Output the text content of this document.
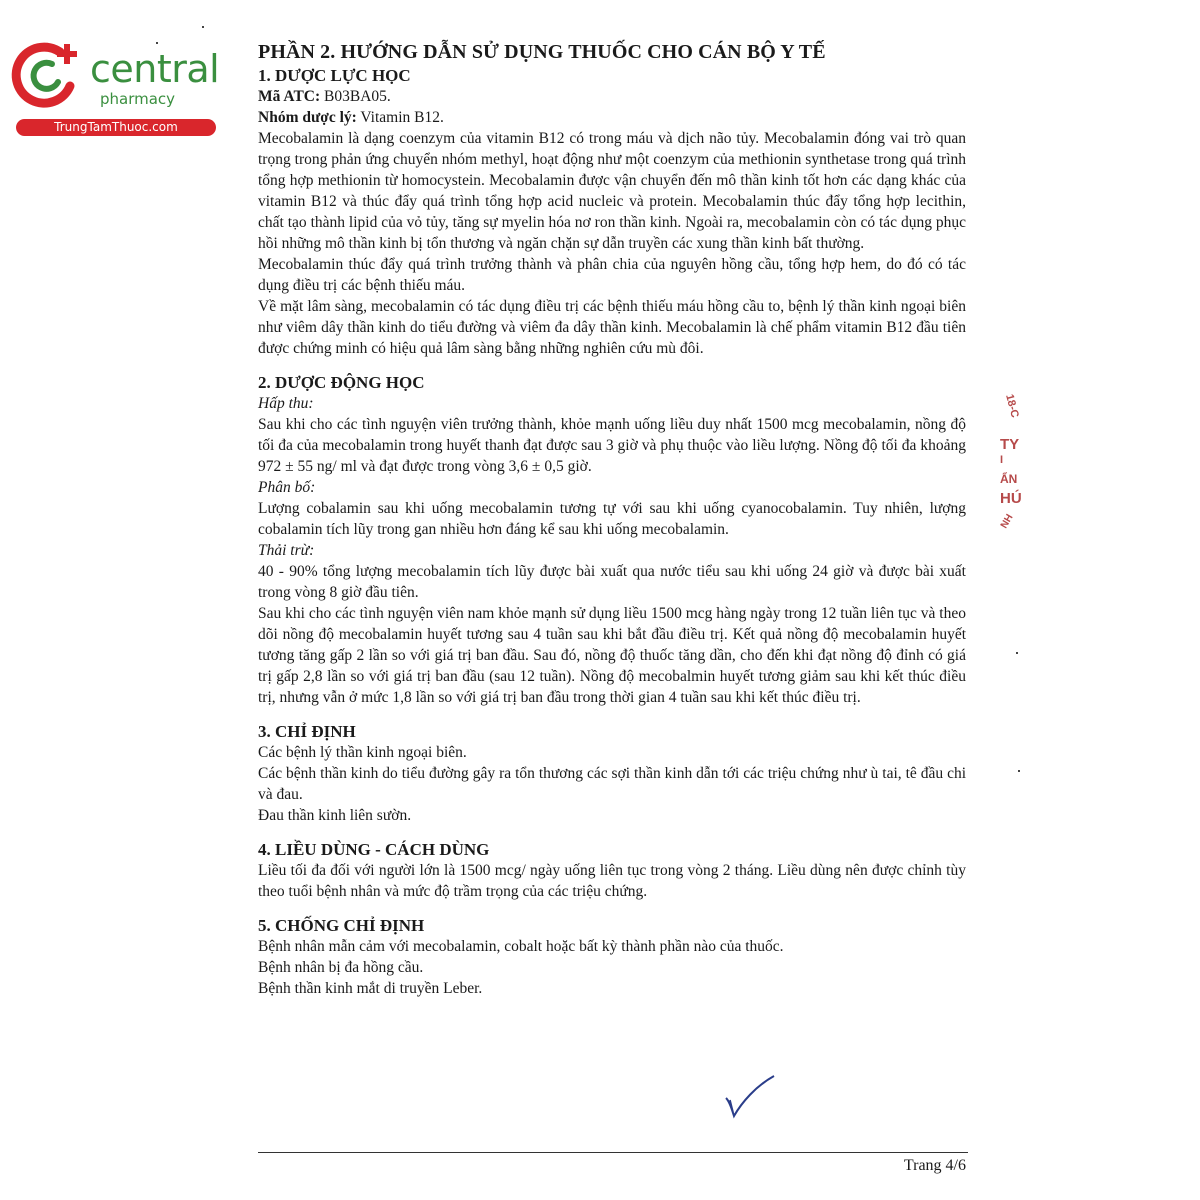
central
pharmacy
TrungTamThuoc.com
PHẦN 2. HƯỚNG DẪN SỬ DỤNG THUỐC CHO CÁN BỘ Y TẾ
1. DƯỢC LỰC HỌC

Mã ATC: B03BA05.

Nhóm dược lý: Vitamin B12.

Mecobalamin là dạng coenzym của vitamin B12 có trong máu và dịch não tủy. Mecobalamin đóng vai trò quan trọng trong phản ứng chuyển nhóm methyl, hoạt động như một coenzym của methionin synthetase trong quá trình tổng hợp methionin từ homocystein. Mecobalamin được vận chuyển đến mô thần kinh tốt hơn các dạng khác của vitamin B12 và thúc đẩy quá trình tổng hợp acid nucleic và protein. Mecobalamin thúc đẩy tổng hợp lecithin, chất tạo thành lipid của vỏ tủy, tăng sự myelin hóa nơ ron thần kinh. Ngoài ra, mecobalamin còn có tác dụng phục hồi những mô thần kinh bị tổn thương và ngăn chặn sự dẫn truyền các xung thần kinh bất thường.

Mecobalamin thúc đẩy quá trình trưởng thành và phân chia của nguyên hồng cầu, tổng hợp hem, do đó có tác dụng điều trị các bệnh thiếu máu.

Về mặt lâm sàng, mecobalamin có tác dụng điều trị các bệnh thiếu máu hồng cầu to, bệnh lý thần kinh ngoại biên như viêm dây thần kinh do tiểu đường và viêm đa dây thần kinh. Mecobalamin là chế phẩm vitamin B12 đầu tiên được chứng minh có hiệu quả lâm sàng bằng những nghiên cứu mù đôi.

2. DƯỢC ĐỘNG HỌC

Hấp thu:

Sau khi cho các tình nguyện viên trưởng thành, khỏe mạnh uống liều duy nhất 1500 mcg mecobalamin, nồng độ tối đa của mecobalamin trong huyết thanh đạt được sau 3 giờ và phụ thuộc vào liều lượng. Nồng độ tối đa khoảng 972 ± 55 ng/ ml và đạt được trong vòng 3,6 ± 0,5 giờ.

Phân bố:

Lượng cobalamin sau khi uống mecobalamin tương tự với sau khi uống cyanocobalamin. Tuy nhiên, lượng cobalamin tích lũy trong gan nhiều hơn đáng kể sau khi uống mecobalamin.

Thải trừ:

40 - 90% tổng lượng mecobalamin tích lũy được bài xuất qua nước tiểu sau khi uống 24 giờ và được bài xuất trong vòng 8 giờ đầu tiên.

Sau khi cho các tình nguyện viên nam khỏe mạnh sử dụng liều 1500 mcg hàng ngày trong 12 tuần liên tục và theo dõi nồng độ mecobalamin huyết tương sau 4 tuần sau khi bắt đầu điều trị. Kết quả nồng độ mecobalamin huyết tương tăng gấp 2 lần so với giá trị ban đầu. Sau đó, nồng độ thuốc tăng dần, cho đến khi đạt nồng độ đỉnh có giá trị gấp 2,8 lần so với giá trị ban đầu (sau 12 tuần). Nồng độ mecobalmin huyết tương giảm sau khi kết thúc điều trị, nhưng vẫn ở mức 1,8 lần so với giá trị ban đầu trong thời gian 4 tuần sau khi kết thúc điều trị.

3. CHỈ ĐỊNH

Các bệnh lý thần kinh ngoại biên.

Các bệnh thần kinh do tiểu đường gây ra tổn thương các sợi thần kinh dẫn tới các triệu chứng như ù tai, tê đầu chi và đau.

Đau thần kinh liên sườn.

4. LIỀU DÙNG - CÁCH DÙNG

Liều tối đa đối với người lớn là 1500 mcg/ ngày uống liên tục trong vòng 2 tháng. Liều dùng nên được chỉnh tùy theo tuổi bệnh nhân và mức độ trầm trọng của các triệu chứng.

5. CHỐNG CHỈ ĐỊNH

Bệnh nhân mẫn cảm với mecobalamin, cobalt hoặc bất kỳ thành phần nào của thuốc.

Bệnh nhân bị đa hồng cầu.

Bệnh thần kinh mắt di truyền Leber.

18-C
TY
I
ẨN
HÚ
NH
Trang 4/6
